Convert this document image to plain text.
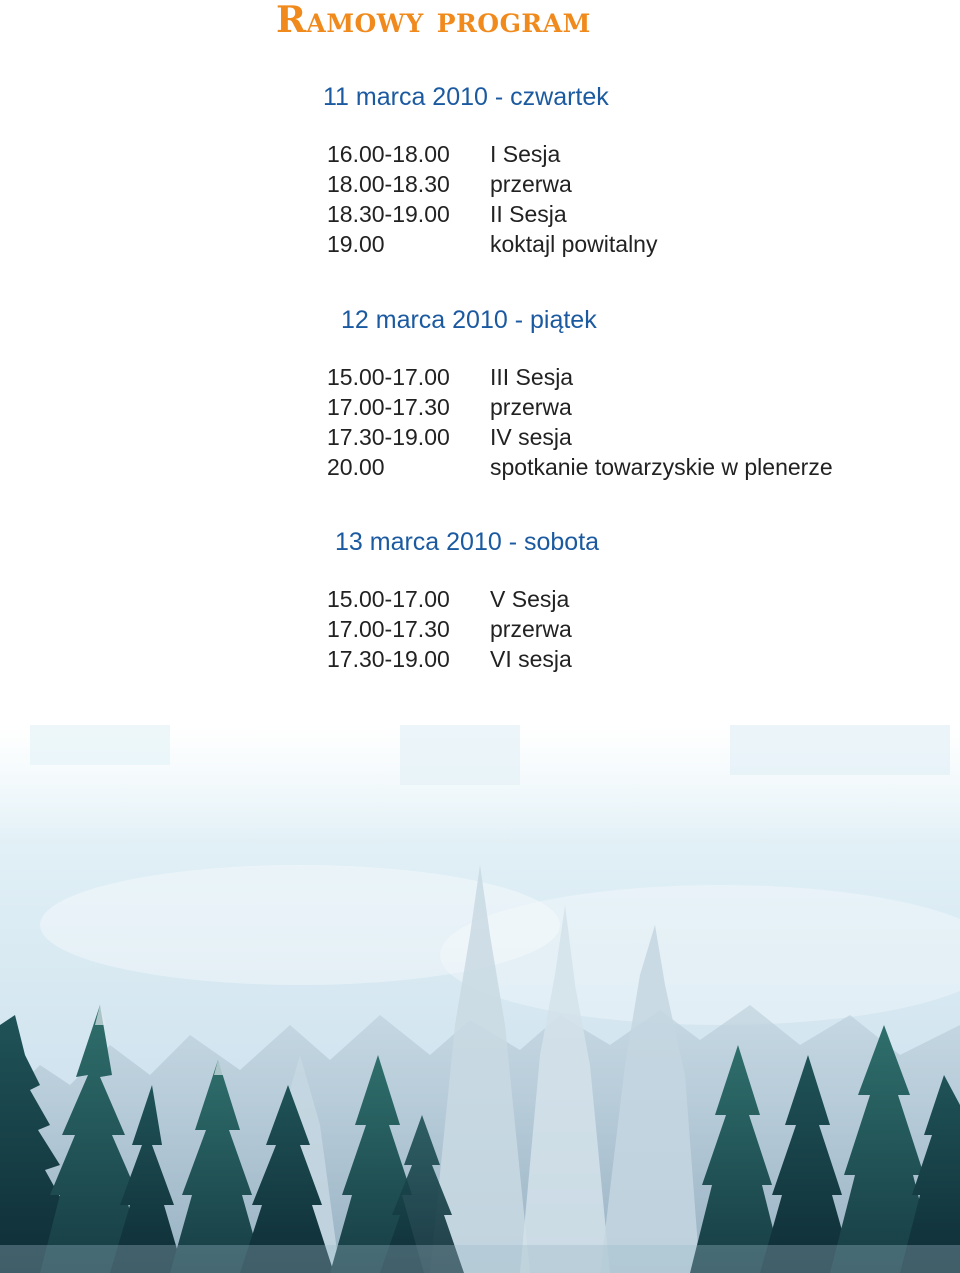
Ramowy program
11 marca 2010 - czwartek
16.00-18.00	I Sesja
18.00-18.30	przerwa
18.30-19.00	II Sesja
19.00	koktajl powitalny
12 marca 2010 - piątek
15.00-17.00	III Sesja
17.00-17.30	przerwa
17.30-19.00	IV sesja
20.00	spotkanie towarzyskie w plenerze
13 marca 2010 - sobota
15.00-17.00	V Sesja
17.00-17.30	przerwa
17.30-19.00	VI sesja
